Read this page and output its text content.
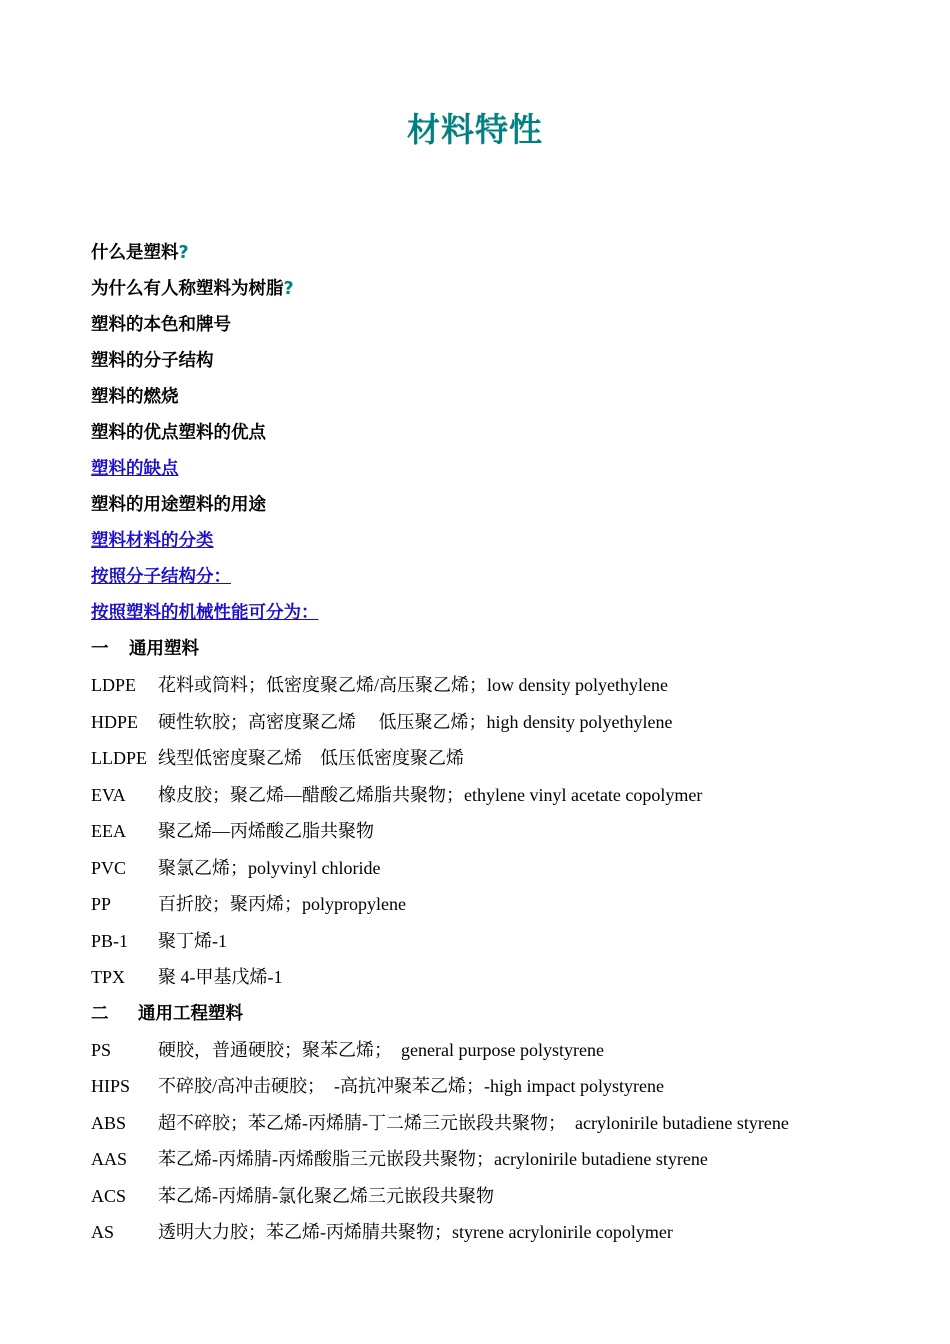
材料特性
什么是塑料?
为什么有人称塑料为树脂?
塑料的本色和牌号
塑料的分子结构
塑料的燃烧
塑料的优点塑料的优点
塑料的缺点
塑料的用途塑料的用途
塑料材料的分类
按照分子结构分：
按照塑料的机械性能可分为：
一 通用塑料
LDPE 花料或筒料；低密度聚乙烯/高压聚乙烯；low density polyethylene
HDPE 硬性软胶；高密度聚乙烯　 低压聚乙烯；high density polyethylene
LLDPE 线型低密度聚乙烯　低压低密度聚乙烯
EVA 橡皮胶；聚乙烯—醋酸乙烯脂共聚物；ethylene vinyl acetate copolymer
EEA 聚乙烯—丙烯酸乙脂共聚物
PVC 聚氯乙烯；polyvinyl chloride
PP	百折胶；聚丙烯；polypropylene
PB-1 聚丁烯-1
TPX 聚 4-甲基戊烯-1
二 通用工程塑料
PS	硬胶，普通硬胶；聚苯乙烯；　general purpose polystyrene
HIPS 不碎胶/高冲击硬胶；　-高抗冲聚苯乙烯；-high impact polystyrene
ABS 超不碎胶；苯乙烯-丙烯腈-丁二烯三元嵌段共聚物；　acrylonirile butadiene styrene
AAS 苯乙烯-丙烯腈-丙烯酸脂三元嵌段共聚物；acrylonirile butadiene styrene
ACS 苯乙烯-丙烯腈-氯化聚乙烯三元嵌段共聚物
AS 透明大力胶；苯乙烯-丙烯腈共聚物；styrene acrylonirile copolymer
